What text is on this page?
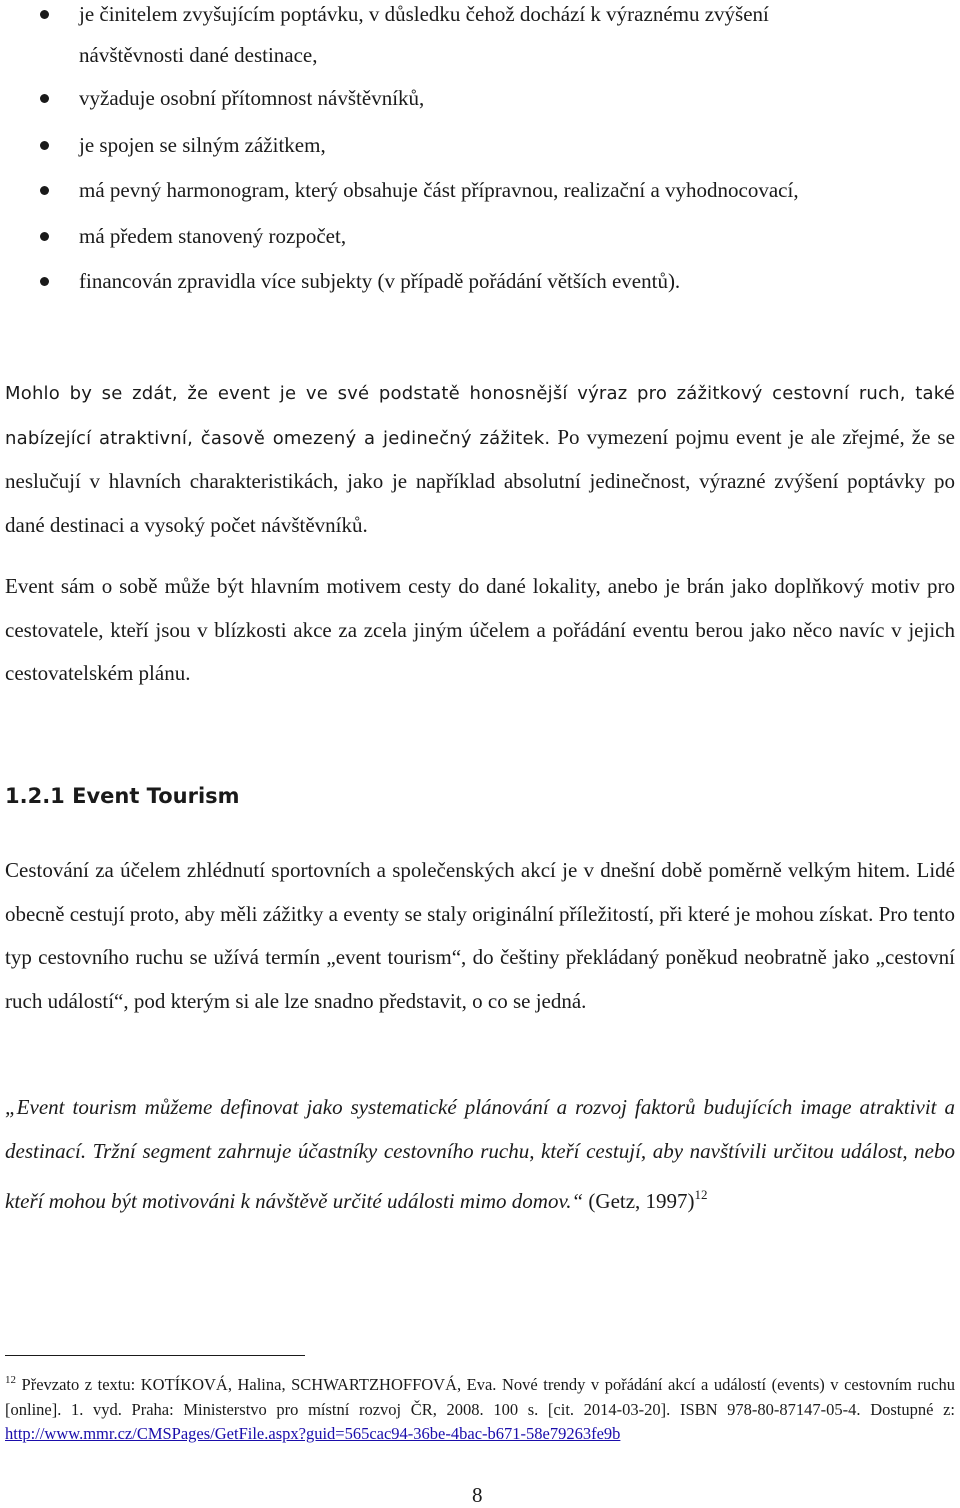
je činitelem zvyšujícím poptávku, v důsledku čehož dochází k výraznému zvýšení
návštěvnosti dané destinace,
vyžaduje osobní přítomnost návštěvníků,
je spojen se silným zážitkem,
má pevný harmonogram, který obsahuje část přípravnou, realizační a vyhodnocovací,
má předem stanovený rozpočet,
financován zpravidla více subjekty (v případě pořádání větších eventů).

Mohlo by se zdát, že event je ve své podstatě honosnější výraz pro zážitkový cestovní ruch, také nabízející atraktivní, časově omezený a jedinečný zážitek. Po vymezení pojmu event je ale zřejmé, že se neslučují v hlavních charakteristikách, jako je například absolutní jedinečnost, výrazné zvýšení poptávky po dané destinaci a vysoký počet návštěvníků.

Event sám o sobě může být hlavním motivem cesty do dané lokality, anebo je brán jako doplňkový motiv pro cestovatele, kteří jsou v blízkosti akce za zcela jiným účelem a pořádání eventu berou jako něco navíc v jejich cestovatelském plánu.

1.2.1 Event Tourism

Cestování za účelem zhlédnutí sportovních a společenských akcí je v dnešní době poměrně velkým hitem. Lidé obecně cestují proto, aby měli zážitky a eventy se staly originální příležitostí, při které je mohou získat. Pro tento typ cestovního ruchu se užívá termín „event tourism“, do češtiny překládaný poněkud neobratně jako „cestovní ruch událostí“, pod kterým si ale lze snadno představit, o co se jedná.

„Event tourism můžeme definovat jako systematické plánování a rozvoj faktorů budujících image atraktivit a destinací. Tržní segment zahrnuje účastníky cestovního ruchu, kteří cestují, aby navštívili určitou událost, nebo kteří mohou být motivováni k návštěvě určité události mimo domov.“ (Getz, 1997)$^{12}$

$^{12}$ Převzato z textu: KOTÍKOVÁ, Halina, SCHWARTZHOFFOVÁ, Eva. Nové trendy v pořádání akcí a událostí (events) v cestovním ruchu [online]. 1. vyd. Praha: Ministerstvo pro místní rozvoj ČR, 2008. 100 s. [cit. 2014-03-20]. ISBN 978-80-87147-05-4. Dostupné z: http://www.mmr.cz/CMSPages/GetFile.aspx?guid=565cac94-36be-4bac-b671-58e79263fe9b

8
